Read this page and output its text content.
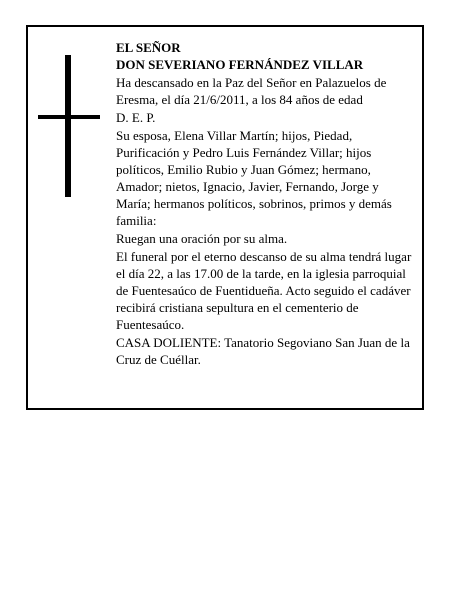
EL SEÑOR
DON SEVERIANO FERNÁNDEZ VILLAR

Ha descansado en la Paz del Señor en Palazuelos de Eresma, el día 21/6/2011, a los 84 años de edad

D. E. P.

Su esposa, Elena Villar Martín; hijos, Piedad, Purificación y Pedro Luis Fernández Villar; hijos políticos, Emilio Rubio y Juan Gómez; hermano, Amador; nietos, Ignacio, Javier, Fernando, Jorge y María; hermanos políticos, sobrinos, primos y demás familia:

Ruegan una oración por su alma.

El funeral por el eterno descanso de su alma tendrá lugar el día 22, a las 17.00 de la tarde, en la iglesia parroquial de Fuentesaúco de Fuentidueña. Acto seguido el cadáver recibirá cristiana sepultura en el cementerio de Fuentesaúco.

CASA DOLIENTE: Tanatorio Segoviano San Juan de la Cruz de Cuéllar.
